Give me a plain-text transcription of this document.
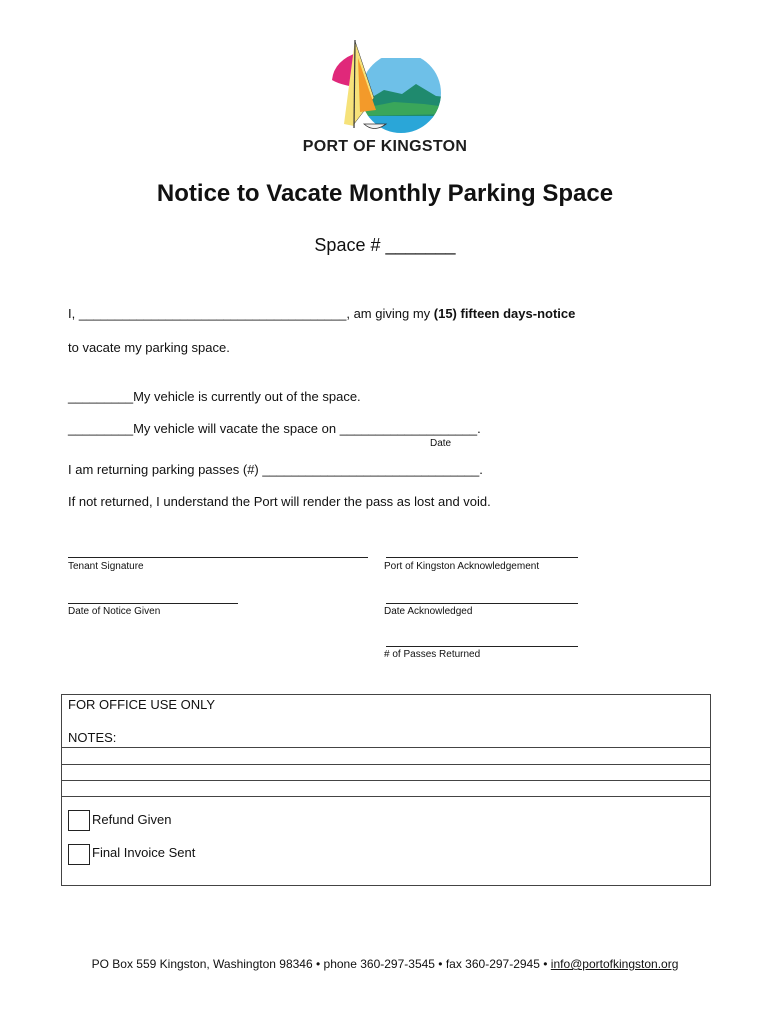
PORT OF KINGSTON
Notice to Vacate Monthly Parking Space
Space # _______
I, _____________________________________, am giving my (15) fifteen days-notice
to vacate my parking space.
_________My vehicle is currently out of the space.
_________My vehicle will vacate the space on ___________________.
Date
I am returning parking passes (#) ______________________________.
If not returned, I understand the Port will render the pass as lost and void.
Tenant Signature	Port of Kingston Acknowledgement
Date of Notice Given	Date Acknowledged
# of Passes Returned
FOR OFFICE USE ONLY
NOTES:
Refund Given
Final Invoice Sent
PO Box 559 Kingston, Washington 98346 • phone 360-297-3545 • fax 360-297-2945 • info@portofkingston.org
